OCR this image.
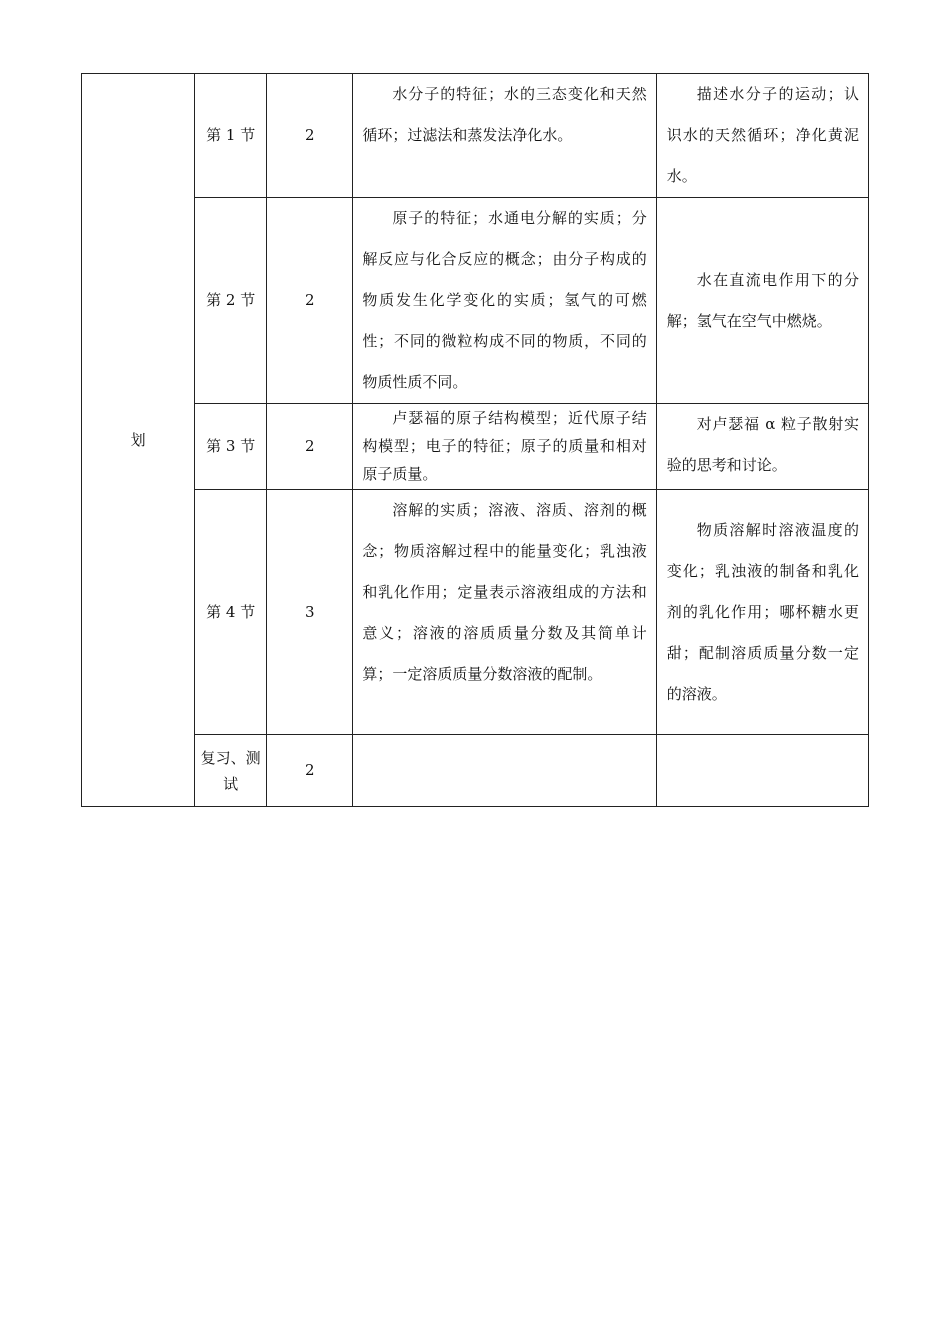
划	第 1 节	2	水分子的特征；水的三态变化和天然循环；过滤法和蒸发法净化水。	描述水分子的运动；认识水的天然循环；净化黄泥水。

	第 2 节	2	原子的特征；水通电分解的实质；分解反应与化合反应的概念；由分子构成的物质发生化学变化的实质；氢气的可燃性；不同的微粒构成不同的物质，不同的物质性质不同。	水在直流电作用下的分解；氢气在空气中燃烧。

	第 3 节	2	卢瑟福的原子结构模型；近代原子结构模型；电子的特征；原子的质量和相对原子质量。	对卢瑟福 α 粒子散射实验的思考和讨论。

	第 4 节	3	溶解的实质；溶液、溶质、溶剂的概念；物质溶解过程中的能量变化；乳浊液和乳化作用；定量表示溶液组成的方法和意义；溶液的溶质质量分数及其简单计算；一定溶质质量分数溶液的配制。	物质溶解时溶液温度的变化；乳浊液的制备和乳化剂的乳化作用；哪杯糖水更甜；配制溶质质量分数一定的溶液。

	复习、测试	2		
